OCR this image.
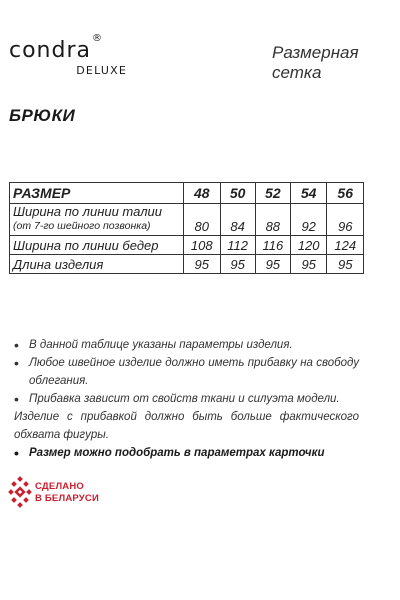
condra ®
DELUXE
Размерная
сетка
БРЮКИ
РАЗМЕР	48	50	52	54	56
Ширина по линии талии
(от 7-го шейного позвонка)	80	84	88	92	96
Ширина по линии бедер	108	112	116	120	124
Длина изделия	95	95	95	95	95
• В данной таблице указаны параметры изделия.
• Любое швейное изделие должно иметь прибавку на свободу облегания.
• Прибавка зависит от свойств ткани и силуэта модели.
Изделие с прибавкой должно быть больше фактического обхвата фигуры.
• Размер можно подобрать в параметрах карточки
СДЕЛАНО
В БЕЛАРУСИ
